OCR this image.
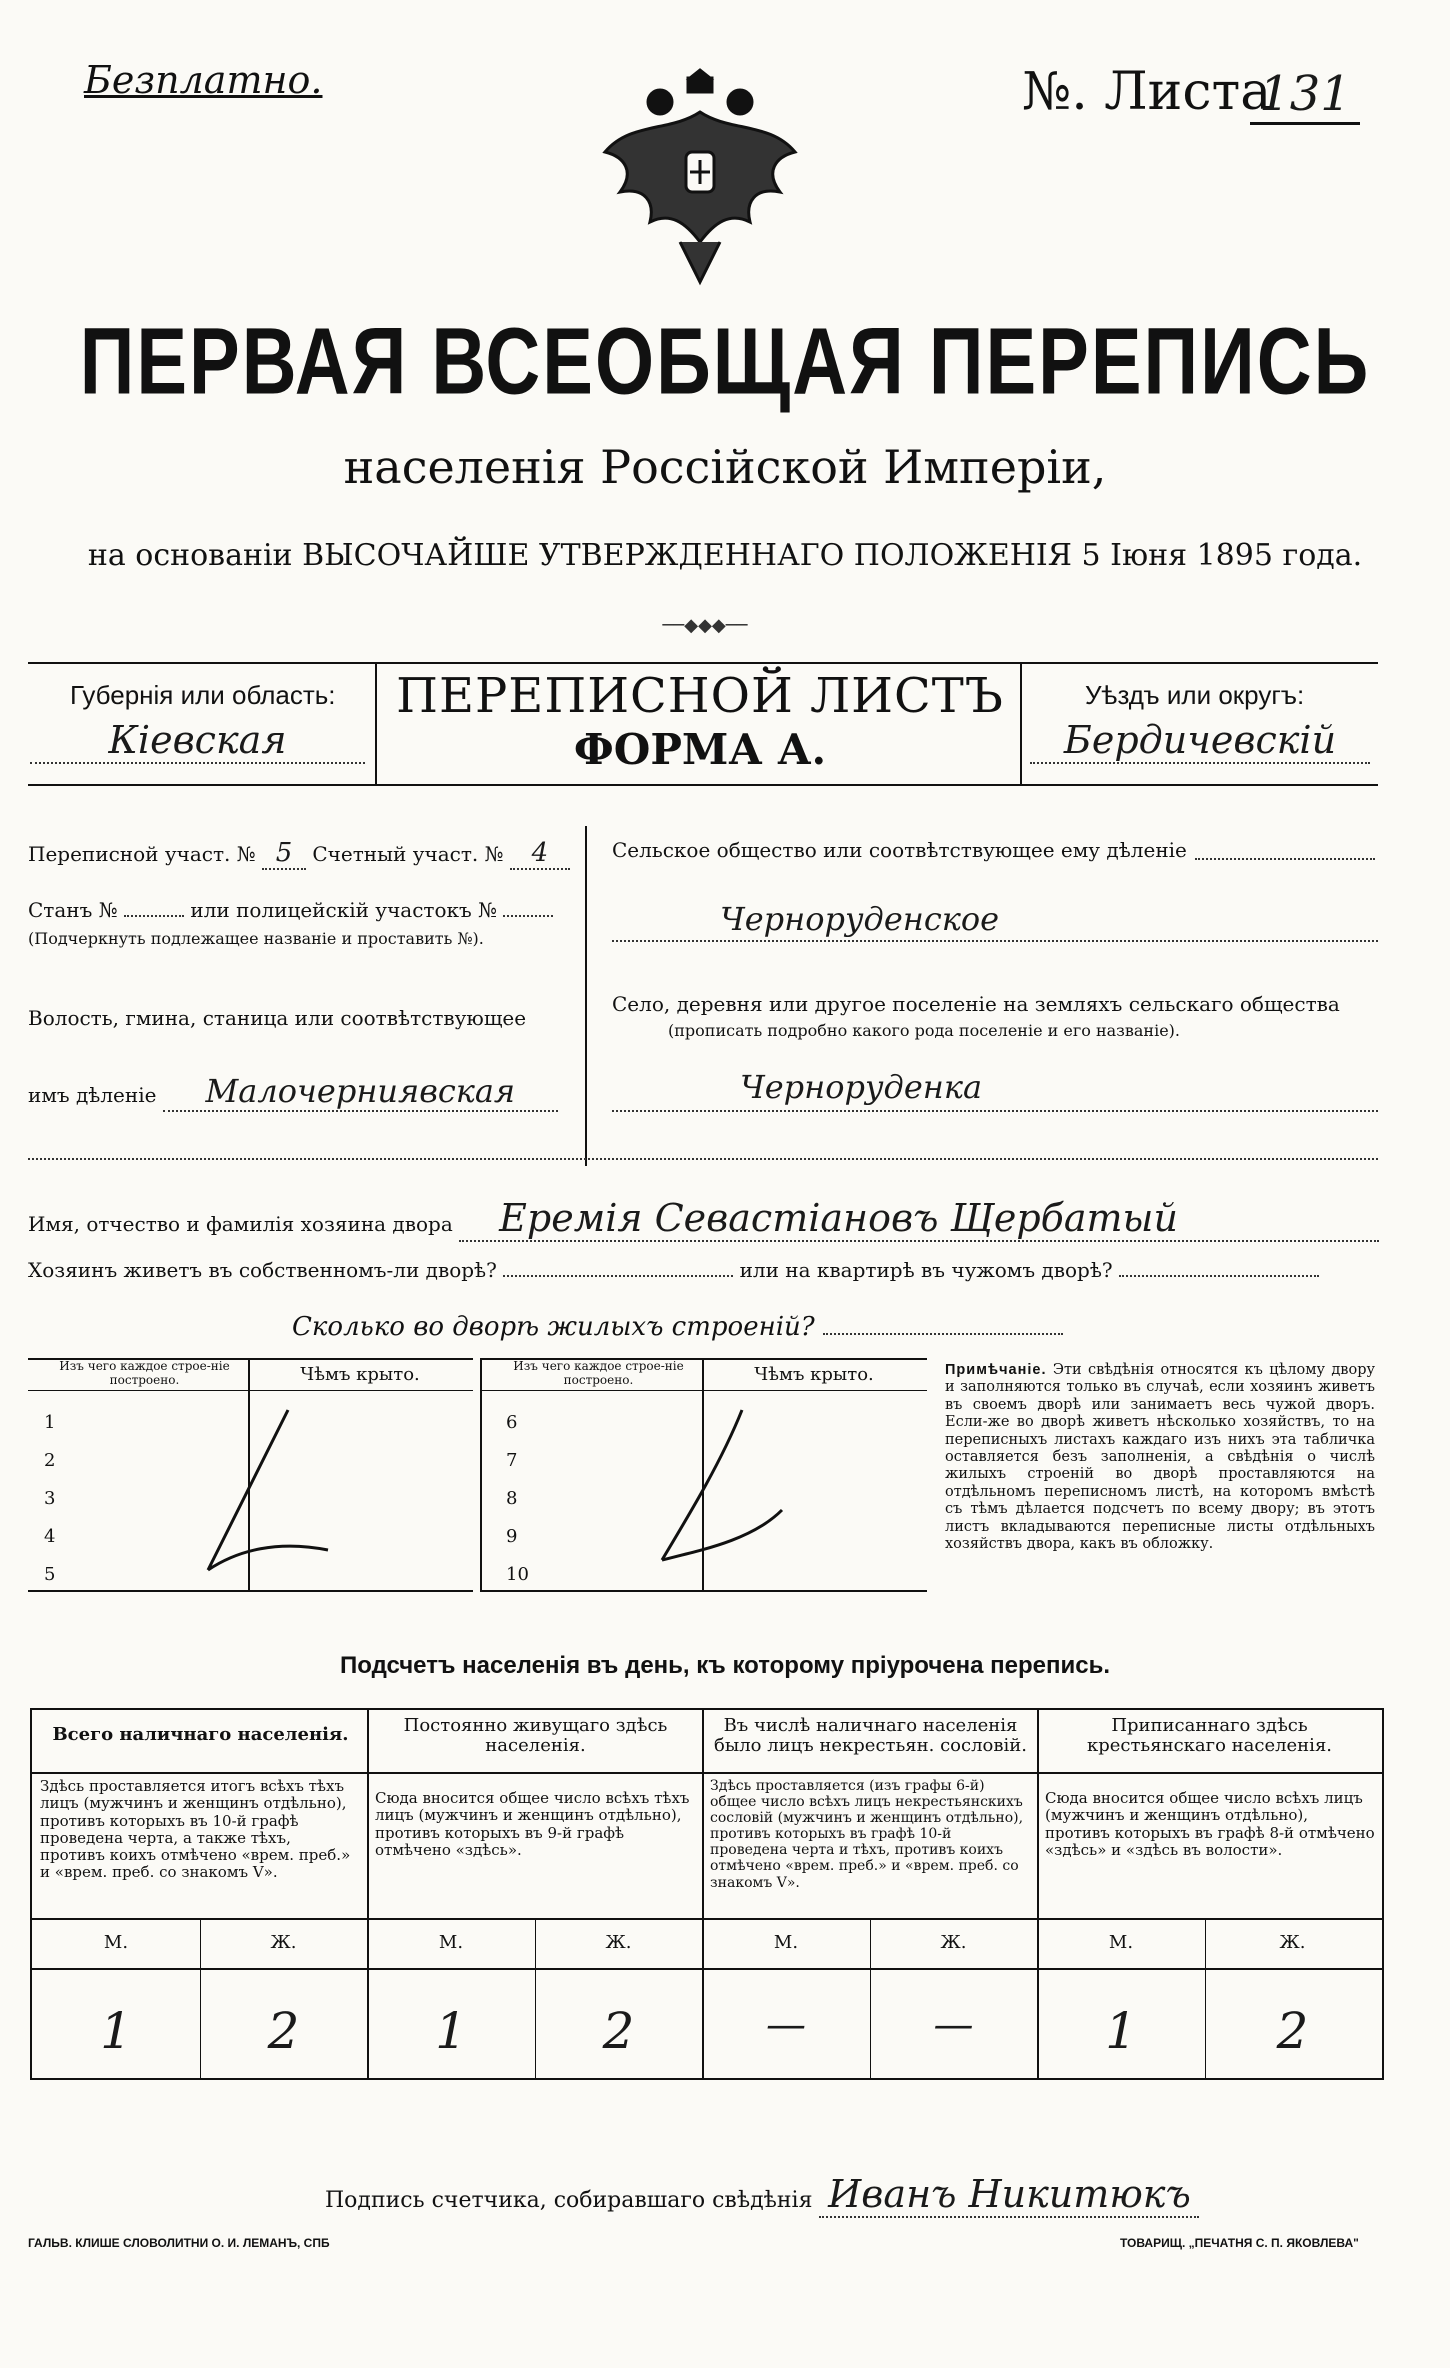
Безплатно.	№. Листа
131
ПЕРВАЯ ВСЕОБЩАЯ ПЕРЕПИСЬ
населенія Россійской Имперіи,
на основаніи ВЫСОЧАЙШЕ УТВЕРЖДЕННАГО ПОЛОЖЕНІЯ 5 Іюня 1895 года.
──◆◆◆──
Губернія или область:
Кіевская
ПЕРЕПИСНОЙ ЛИСТЪ
ФОРМА А.
Уѣздъ или округъ:
Бердичевскій
Переписной участ. № 5 Счетный участ. № 4
Станъ №	или полицейскій участокъ №
(Подчеркнуть подлежащее названіе и проставить №).
Волость, гмина, станица или соотвѣтствующее
имъ дѣленіе Малочерниявская
Сельское общество или соотвѣтствующее ему дѣленіе
Черноруденское
Село, деревня или другое поселеніе на земляхъ сельскаго общества
(прописать подробно какого рода поселеніе и его названіе).
Черноруденка
Имя, отчество и фамилія хозяина двора Еремія Севастіановъ Щербатый
Хозяинъ живетъ въ собственномъ-ли дворѣ?	или на квартирѣ въ чужомъ дворѣ?
Сколько во дворѣ жилыхъ строеній?
Изъ чего каждое строе-ніе построено.	Чѣмъ крыто.
1
2
3
4
5
Изъ чего каждое строе-ніе построено.	Чѣмъ крыто.
6
7
8
9
10
Примѣчаніе. Эти свѣдѣнія относятся къ цѣлому двору и заполняются только въ случаѣ, если хозяинъ живетъ въ своемъ дворѣ или занимаетъ весь чужой дворъ. Если-же во дворѣ живетъ нѣсколько хозяйствъ, то на переписныхъ листахъ каждаго изъ нихъ эта табличка оставляется безъ заполненія, а свѣдѣнія о числѣ жилыхъ строеній во дворѣ проставляются на отдѣльномъ переписномъ листѣ, на которомъ вмѣстѣ съ тѣмъ дѣлается подсчетъ по всему двору; въ этотъ листъ вкладываются переписные листы отдѣльныхъ хозяйствъ двора, какъ въ обложку.
Подсчетъ населенія въ день, къ которому пріурочена перепись.
Всего наличнаго населенія.
Здѣсь проставляется итогъ всѣхъ тѣхъ лицъ (мужчинъ и женщинъ отдѣльно), противъ которыхъ въ 10-й графѣ проведена черта, а также тѣхъ, противъ коихъ отмѣчено «врем. преб.» и «врем. преб. со знакомъ V».
М.	Ж.
1	2
Постоянно живущаго здѣсь населенія.
Сюда вносится общее число всѣхъ тѣхъ лицъ (мужчинъ и женщинъ отдѣльно), противъ которыхъ въ 9-й графѣ отмѣчено «здѣсь».
М.	Ж.
1	2
Въ числѣ наличнаго населенія было лицъ некрестьян. сословій.
Здѣсь проставляется (изъ графы 6-й) общее число всѣхъ лицъ некрестьянскихъ сословій (мужчинъ и женщинъ отдѣльно), противъ которыхъ въ графѣ 10-й проведена черта и тѣхъ, противъ коихъ отмѣчено «врем. преб.» и «врем. преб. со знакомъ V».
М.	Ж.
—	—
Приписаннаго здѣсь крестьянскаго населенія.
Сюда вносится общее число всѣхъ лицъ (мужчинъ и женщинъ отдѣльно), противъ которыхъ въ графѣ 8-й отмѣчено «здѣсь» и «здѣсь въ волости».
М.	Ж.
1	2
Подпись счетчика, собиравшаго свѣдѣнія Иванъ Никитюкъ
ГАЛЬВ. КЛИШЕ СЛОВОЛИТНИ О. И. ЛЕМАНЪ, СПБ	ТОВАРИЩ. „ПЕЧАТНЯ С. П. ЯКОВЛЕВА"
